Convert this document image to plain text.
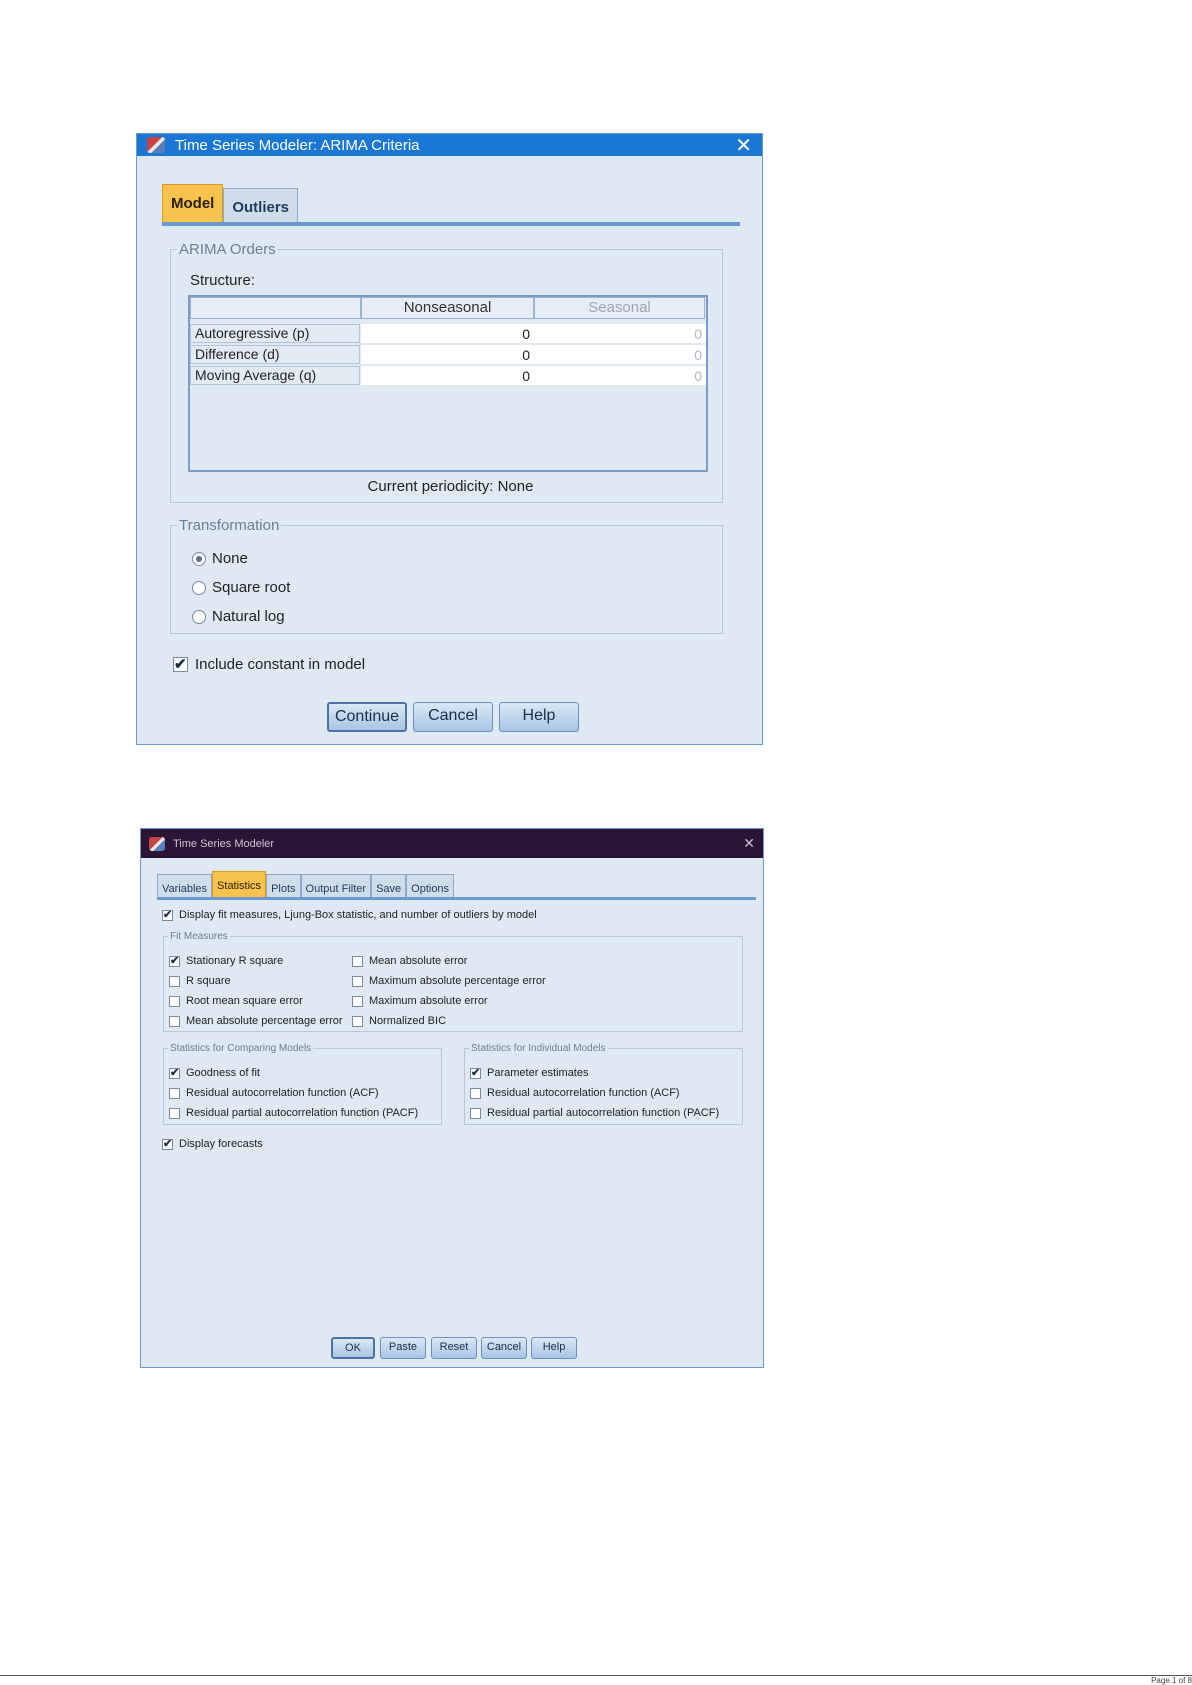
Time Series Modeler: ARIMA Criteria	✕
Model	Outliers
ARIMA Orders
Structure:
Nonseasonal	Seasonal
Autoregressive (p)	0	0
Difference (d)	0	0
Moving Average (q)	0	0
Current periodicity: None
Transformation
None
Square root
Natural log
✔
Include constant in model
Continue	Cancel	Help
Time Series Modeler	✕
Variables Statistics Plots Output Filter Save Options
✔
Display fit measures, Ljung-Box statistic, and number of outliers by model
Fit Measures
✔
Stationary R square
R square
Root mean square error
Mean absolute percentage error
Mean absolute error
Maximum absolute percentage error
Maximum absolute error
Normalized BIC
Statistics for Comparing Models
✔
Goodness of fit
Residual autocorrelation function (ACF)
Residual partial autocorrelation function (PACF)
Statistics for Individual Models
✔
Parameter estimates
Residual autocorrelation function (ACF)
Residual partial autocorrelation function (PACF)
✔
Display forecasts
OK	Paste	Reset	Cancel	Help
Page 1 of 8
